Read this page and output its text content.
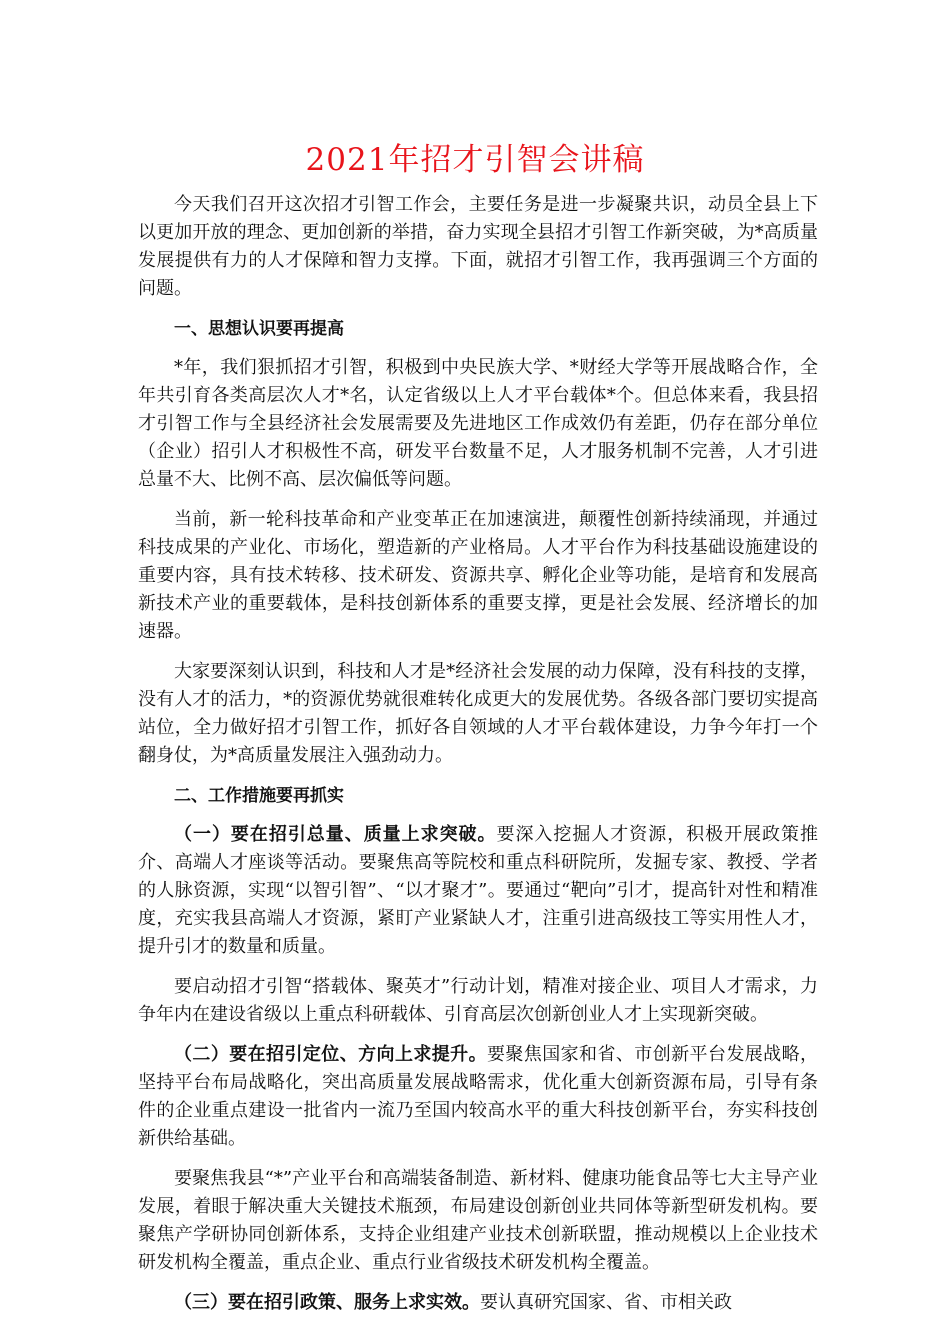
2021年招才引智会讲稿

今天我们召开这次招才引智工作会，主要任务是进一步凝聚共识，动员全县上下以更加开放的理念、更加创新的举措，奋力实现全县招才引智工作新突破，为*高质量发展提供有力的人才保障和智力支撑。下面，就招才引智工作，我再强调三个方面的问题。

一、思想认识要再提高

*年，我们狠抓招才引智，积极到中央民族大学、*财经大学等开展战略合作，全年共引育各类高层次人才*名，认定省级以上人才平台载体*个。但总体来看，我县招才引智工作与全县经济社会发展需要及先进地区工作成效仍有差距，仍存在部分单位（企业）招引人才积极性不高，研发平台数量不足，人才服务机制不完善，人才引进总量不大、比例不高、层次偏低等问题。

当前，新一轮科技革命和产业变革正在加速演进，颠覆性创新持续涌现，并通过科技成果的产业化、市场化，塑造新的产业格局。人才平台作为科技基础设施建设的重要内容，具有技术转移、技术研发、资源共享、孵化企业等功能，是培育和发展高新技术产业的重要载体，是科技创新体系的重要支撑，更是社会发展、经济增长的加速器。

大家要深刻认识到，科技和人才是*经济社会发展的动力保障，没有科技的支撑，没有人才的活力，*的资源优势就很难转化成更大的发展优势。各级各部门要切实提高站位，全力做好招才引智工作，抓好各自领域的人才平台载体建设，力争今年打一个翻身仗，为*高质量发展注入强劲动力。

二、工作措施要再抓实

（一）要在招引总量、质量上求突破。要深入挖掘人才资源，积极开展政策推介、高端人才座谈等活动。要聚焦高等院校和重点科研院所，发掘专家、教授、学者的人脉资源，实现“以智引智”、“以才聚才”。要通过“靶向”引才，提高针对性和精准度，充实我县高端人才资源，紧盯产业紧缺人才，注重引进高级技工等实用性人才，提升引才的数量和质量。

要启动招才引智“搭载体、聚英才”行动计划，精准对接企业、项目人才需求，力争年内在建设省级以上重点科研载体、引育高层次创新创业人才上实现新突破。

（二）要在招引定位、方向上求提升。要聚焦国家和省、市创新平台发展战略，坚持平台布局战略化，突出高质量发展战略需求，优化重大创新资源布局，引导有条件的企业重点建设一批省内一流乃至国内较高水平的重大科技创新平台，夯实科技创新供给基础。

要聚焦我县“*”产业平台和高端装备制造、新材料、健康功能食品等七大主导产业发展，着眼于解决重大关键技术瓶颈，布局建设创新创业共同体等新型研发机构。要聚焦产学研协同创新体系，支持企业组建产业技术创新联盟，推动规模以上企业技术研发机构全覆盖，重点企业、重点行业省级技术研发机构全覆盖。

（三）要在招引政策、服务上求实效。要认真研究国家、省、市相关政
